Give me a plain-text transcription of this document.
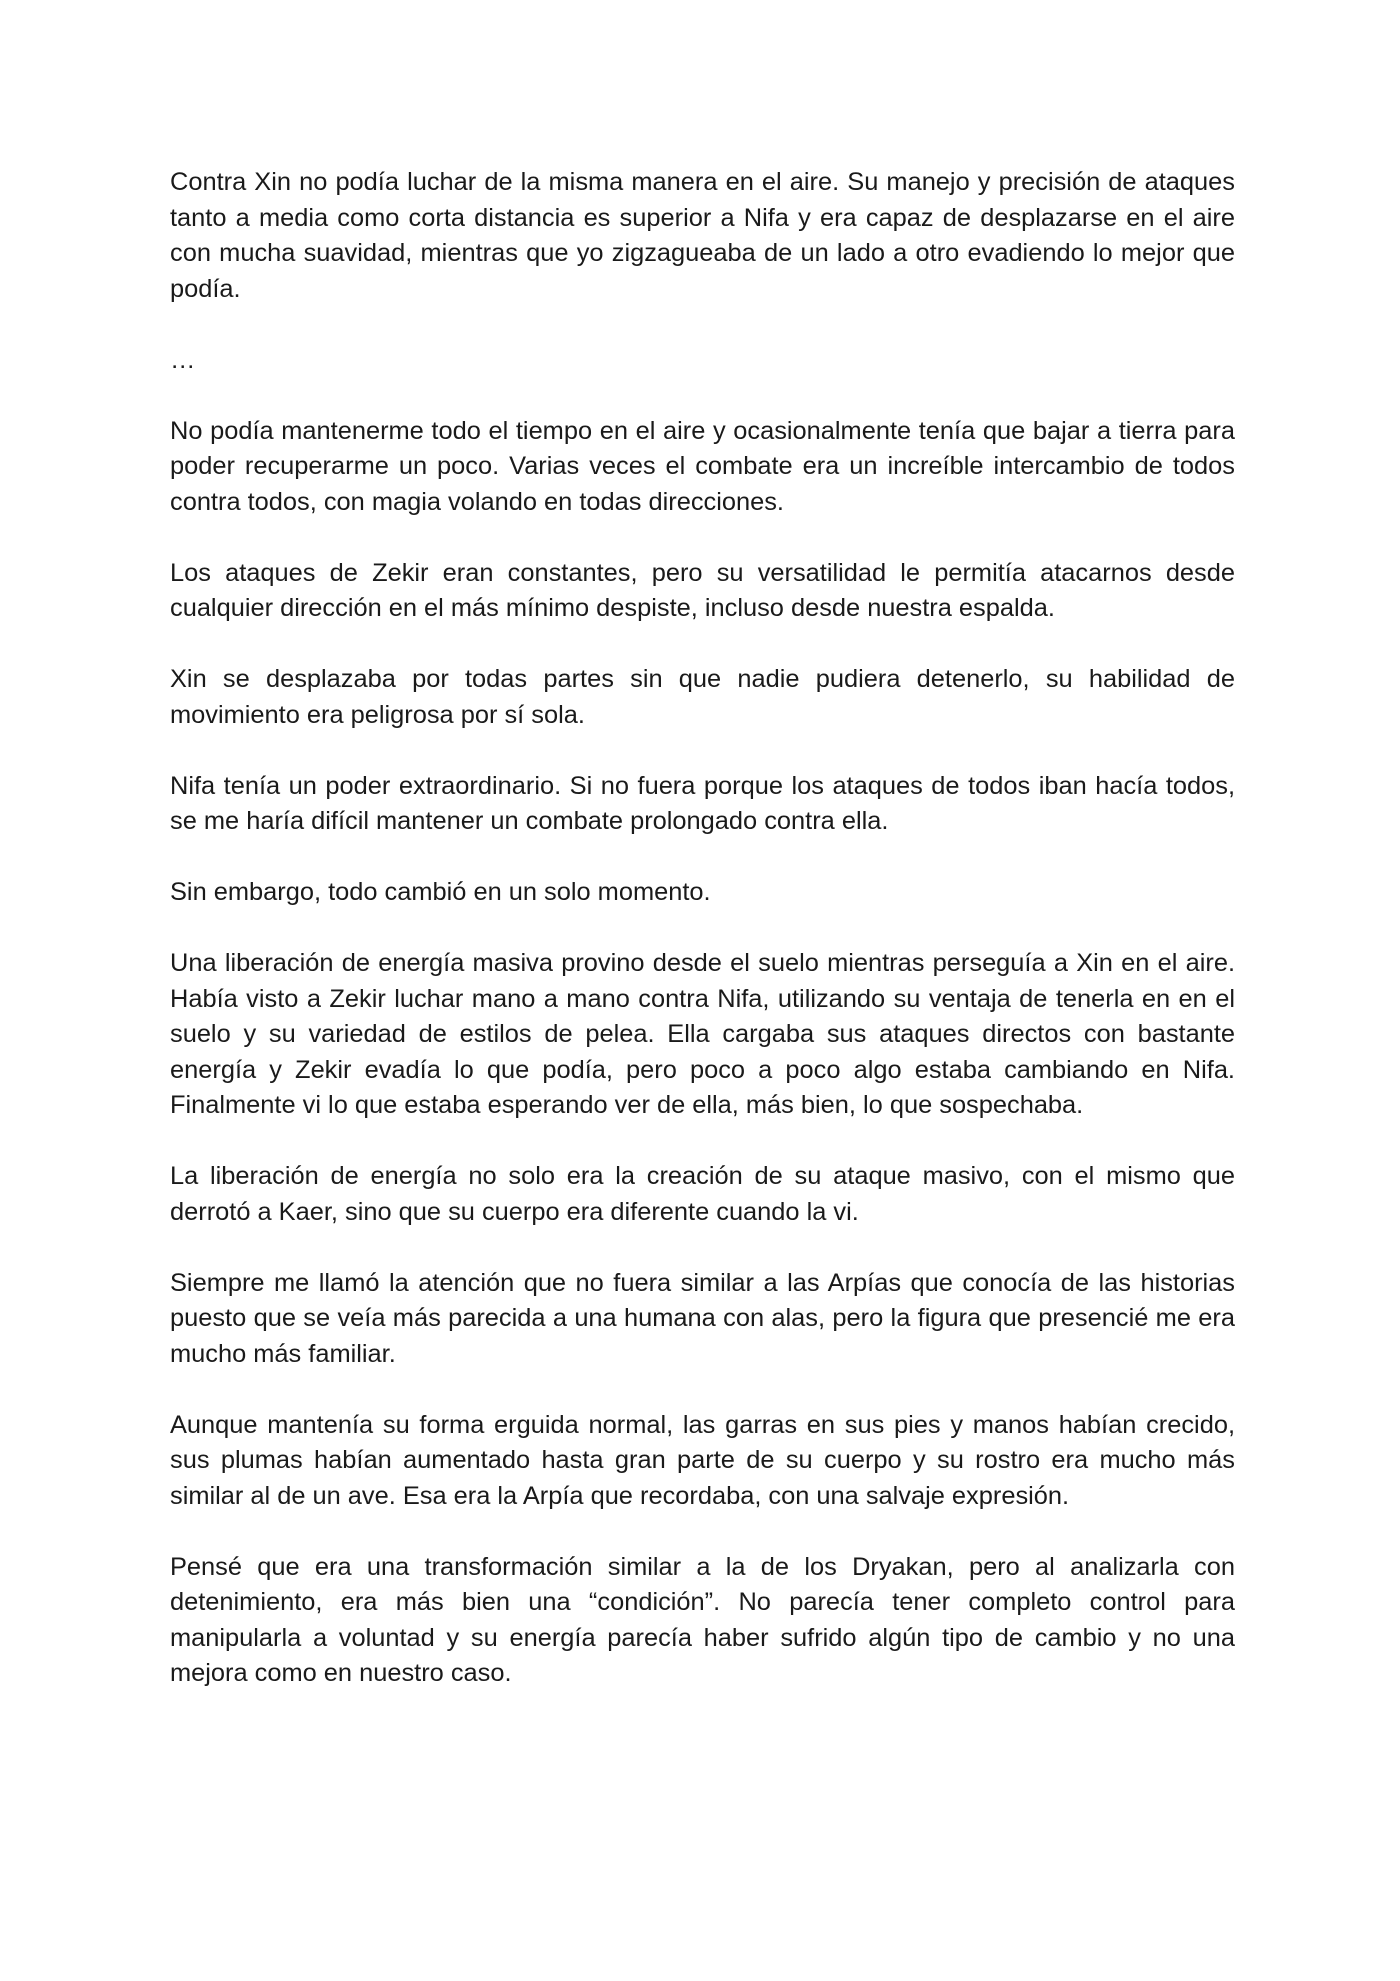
Contra Xin no podía luchar de la misma manera en el aire. Su manejo y precisión de ataques tanto a media como corta distancia es superior a Nifa y era capaz de desplazarse en el aire con mucha suavidad, mientras que yo zigzagueaba de un lado a otro evadiendo lo mejor que podía.

…

No podía mantenerme todo el tiempo en el aire y ocasionalmente tenía que bajar a tierra para poder recuperarme un poco. Varias veces el combate era un increíble intercambio de todos contra todos, con magia volando en todas direcciones.

Los ataques de Zekir eran constantes, pero su versatilidad le permitía atacarnos desde cualquier dirección en el más mínimo despiste, incluso desde nuestra espalda.

Xin se desplazaba por todas partes sin que nadie pudiera detenerlo, su habilidad de movimiento era peligrosa por sí sola.

Nifa tenía un poder extraordinario. Si no fuera porque los ataques de todos iban hacía todos, se me haría difícil mantener un combate prolongado contra ella.

Sin embargo, todo cambió en un solo momento.

Una liberación de energía masiva provino desde el suelo mientras perseguía a Xin en el aire. Había visto a Zekir luchar mano a mano contra Nifa, utilizando su ventaja de tenerla en en el suelo y su variedad de estilos de pelea. Ella cargaba sus ataques directos con bastante energía y Zekir evadía lo que podía, pero poco a poco algo estaba cambiando en Nifa. Finalmente vi lo que estaba esperando ver de ella, más bien, lo que sospechaba.

La liberación de energía no solo era la creación de su ataque masivo, con el mismo que derrotó a Kaer, sino que su cuerpo era diferente cuando la vi.

Siempre me llamó la atención que no fuera similar a las Arpías que conocía de las historias puesto que se veía más parecida a una humana con alas, pero la figura que presencié me era mucho más familiar.

Aunque mantenía su forma erguida normal, las garras en sus pies y manos habían crecido, sus plumas habían aumentado hasta gran parte de su cuerpo y su rostro era mucho más similar al de un ave. Esa era la Arpía que recordaba, con una salvaje expresión.

Pensé que era una transformación similar a la de los Dryakan, pero al analizarla con detenimiento, era más bien una “condición”. No parecía tener completo control para manipularla a voluntad y su energía parecía haber sufrido algún tipo de cambio y no una mejora como en nuestro caso.
